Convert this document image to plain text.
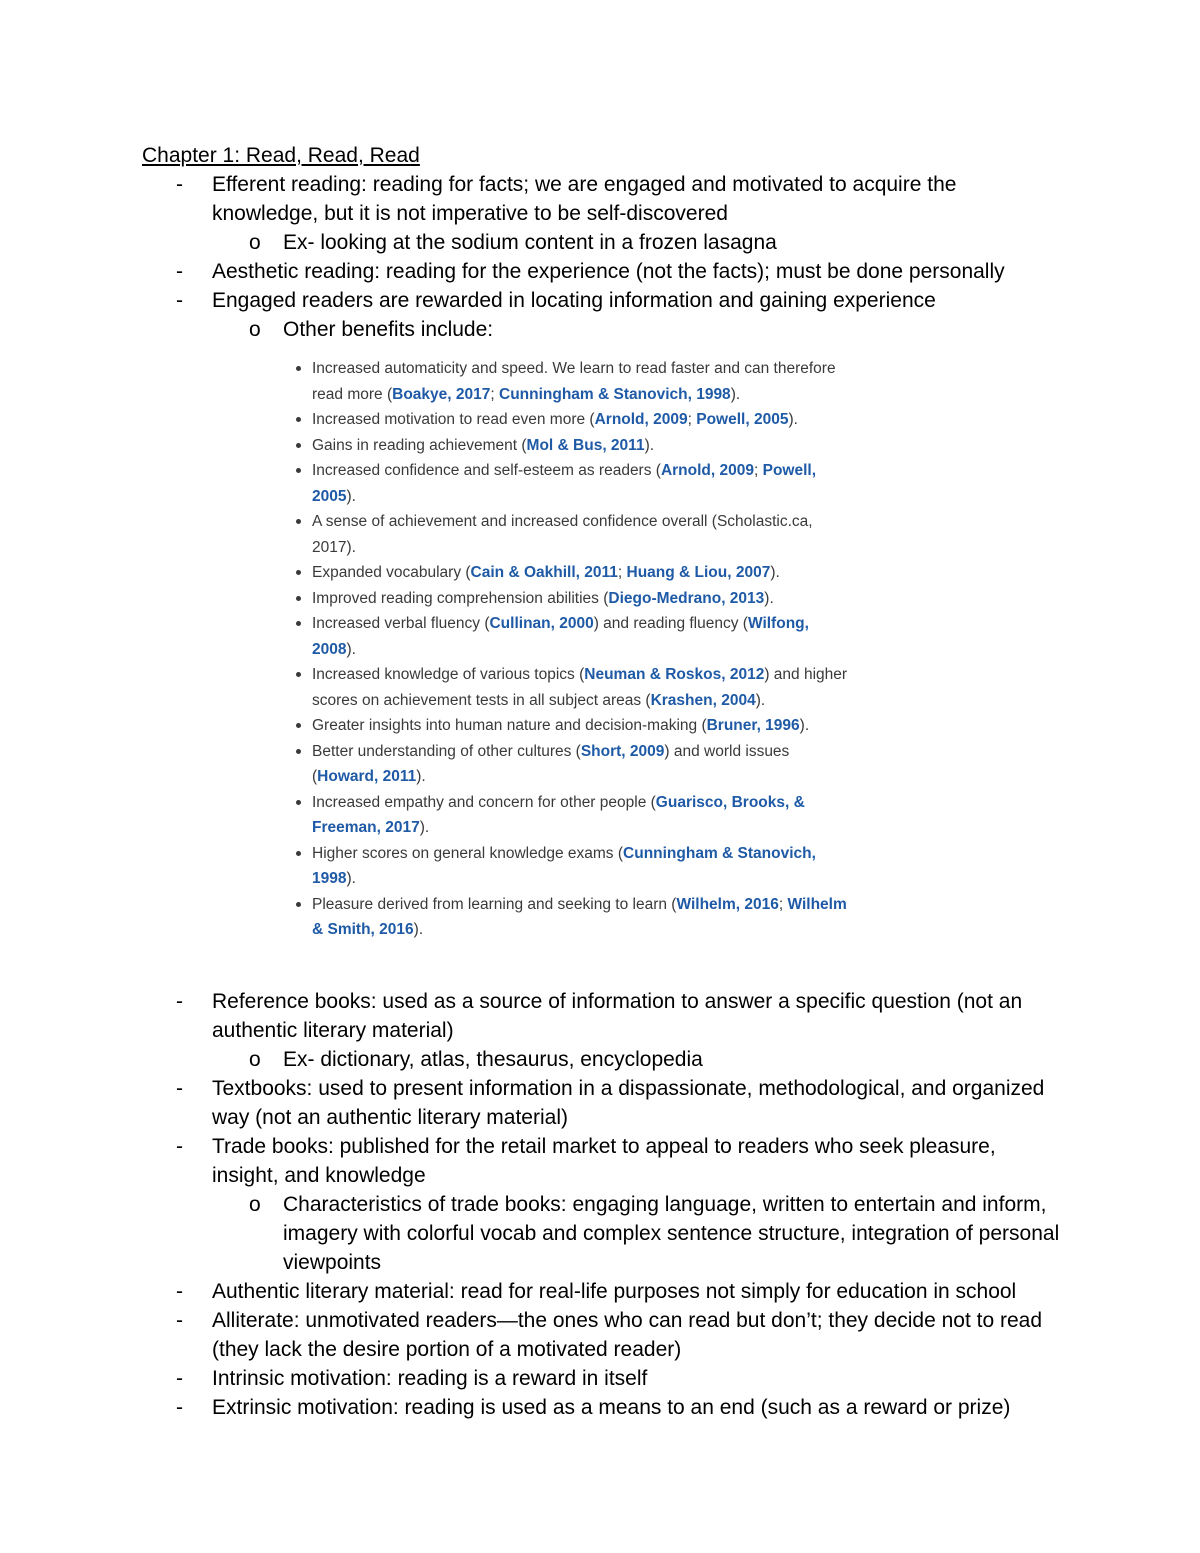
Chapter 1: Read, Read, Read

- Efferent reading: reading for facts; we are engaged and motivated to acquire the knowledge, but it is not imperative to be self-discovered

o Ex- looking at the sodium content in a frozen lasagna

- Aesthetic reading: reading for the experience (not the facts); must be done personally

- Engaged readers are rewarded in locating information and gaining experience

o Other benefits include:

Increased automaticity and speed. We learn to read faster and can therefore read more (Boakye, 2017; Cunningham & Stanovich, 1998).
Increased motivation to read even more (Arnold, 2009; Powell, 2005).
Gains in reading achievement (Mol & Bus, 2011).
Increased confidence and self-esteem as readers (Arnold, 2009; Powell, 2005).
A sense of achievement and increased confidence overall (Scholastic.ca, 2017).
Expanded vocabulary (Cain & Oakhill, 2011; Huang & Liou, 2007).
Improved reading comprehension abilities (Diego-Medrano, 2013).
Increased verbal fluency (Cullinan, 2000) and reading fluency (Wilfong, 2008).
Increased knowledge of various topics (Neuman & Roskos, 2012) and higher scores on achievement tests in all subject areas (Krashen, 2004).
Greater insights into human nature and decision-making (Bruner, 1996).
Better understanding of other cultures (Short, 2009) and world issues (Howard, 2011).
Increased empathy and concern for other people (Guarisco, Brooks, & Freeman, 2017).
Higher scores on general knowledge exams (Cunningham & Stanovich, 1998).
Pleasure derived from learning and seeking to learn (Wilhelm, 2016; Wilhelm & Smith, 2016).

- Reference books: used as a source of information to answer a specific question (not an authentic literary material)

o Ex- dictionary, atlas, thesaurus, encyclopedia

- Textbooks: used to present information in a dispassionate, methodological, and organized way (not an authentic literary material)

- Trade books: published for the retail market to appeal to readers who seek pleasure, insight, and knowledge

o Characteristics of trade books: engaging language, written to entertain and inform, imagery with colorful vocab and complex sentence structure, integration of personal viewpoints

- Authentic literary material: read for real-life purposes not simply for education in school

- Alliterate: unmotivated readers—the ones who can read but don’t; they decide not to read (they lack the desire portion of a motivated reader)

- Intrinsic motivation: reading is a reward in itself

- Extrinsic motivation: reading is used as a means to an end (such as a reward or prize)
